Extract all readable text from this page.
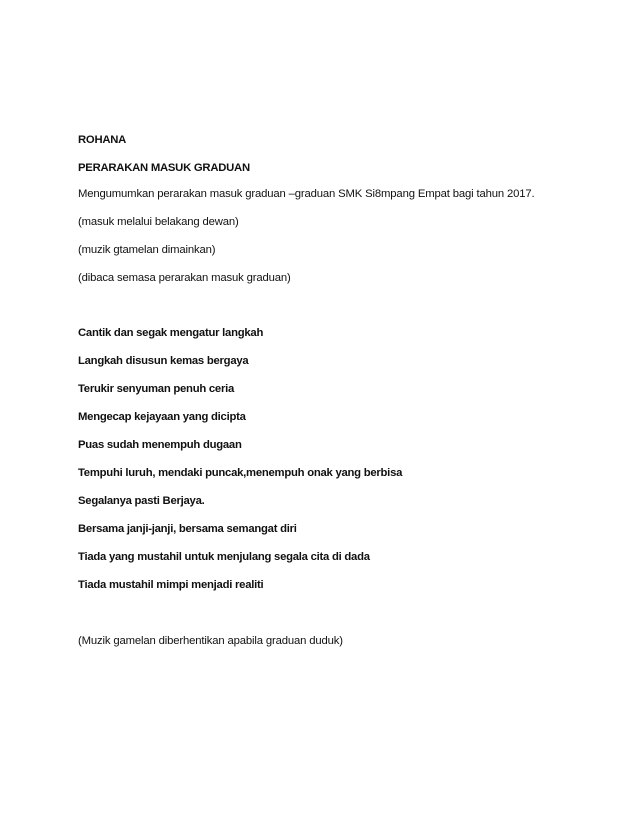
ROHANA
PERARAKAN MASUK GRADUAN
Mengumumkan perarakan masuk graduan –graduan SMK Si8mpang Empat bagi tahun 2017.
(masuk melalui belakang dewan)
(muzik gtamelan dimainkan)
(dibaca semasa perarakan masuk graduan)
Cantik dan segak mengatur langkah
Langkah disusun kemas bergaya
Terukir senyuman penuh ceria
Mengecap kejayaan yang dicipta
Puas sudah menempuh dugaan
Tempuhi luruh, mendaki puncak,menempuh onak yang berbisa
Segalanya pasti Berjaya.
Bersama janji-janji, bersama semangat diri
Tiada yang mustahil untuk menjulang segala cita di dada
Tiada mustahil mimpi menjadi realiti
(Muzik gamelan diberhentikan apabila graduan duduk)
